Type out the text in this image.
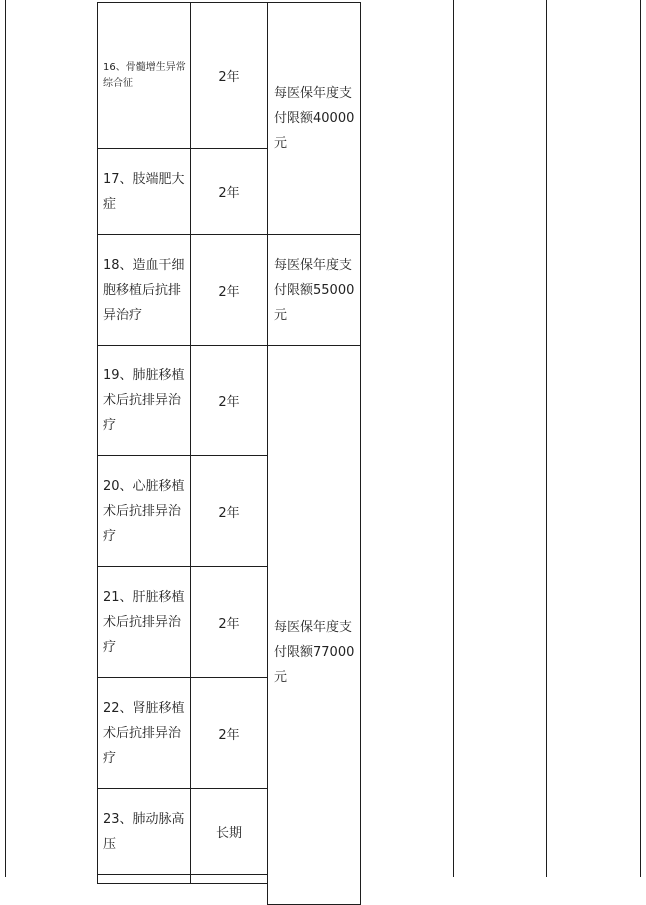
16、骨髓增生异常综合征
17、肢端肥大症
18、造血干细胞移植后抗排异治疗
19、肺脏移植术后抗排异治疗
20、心脏移植术后抗排异治疗
21、肝脏移植术后抗排异治疗
22、肾脏移植术后抗排异治疗
23、肺动脉高压
2年
2年
2年
2年
2年
2年
2年
长期
每医保年度支付限额40000元
每医保年度支付限额55000元
每医保年度支付限额77000元
